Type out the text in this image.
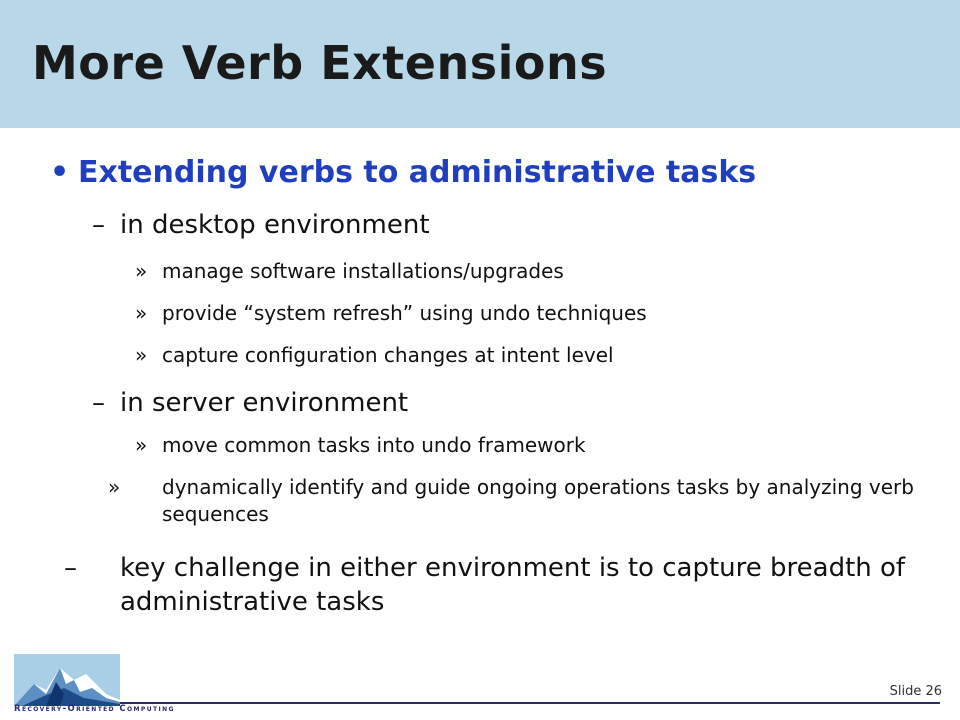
More Verb Extensions
• Extending verbs to administrative tasks
– in desktop environment
» manage software installations/upgrades
» provide “system refresh” using undo techniques
» capture configuration changes at intent level
– in server environment
» move common tasks into undo framework
» dynamically identify and guide ongoing operations tasks by analyzing verb sequences
– key challenge in either environment is to capture breadth of administrative tasks
Recovery-Oriented Computing
Slide 26
